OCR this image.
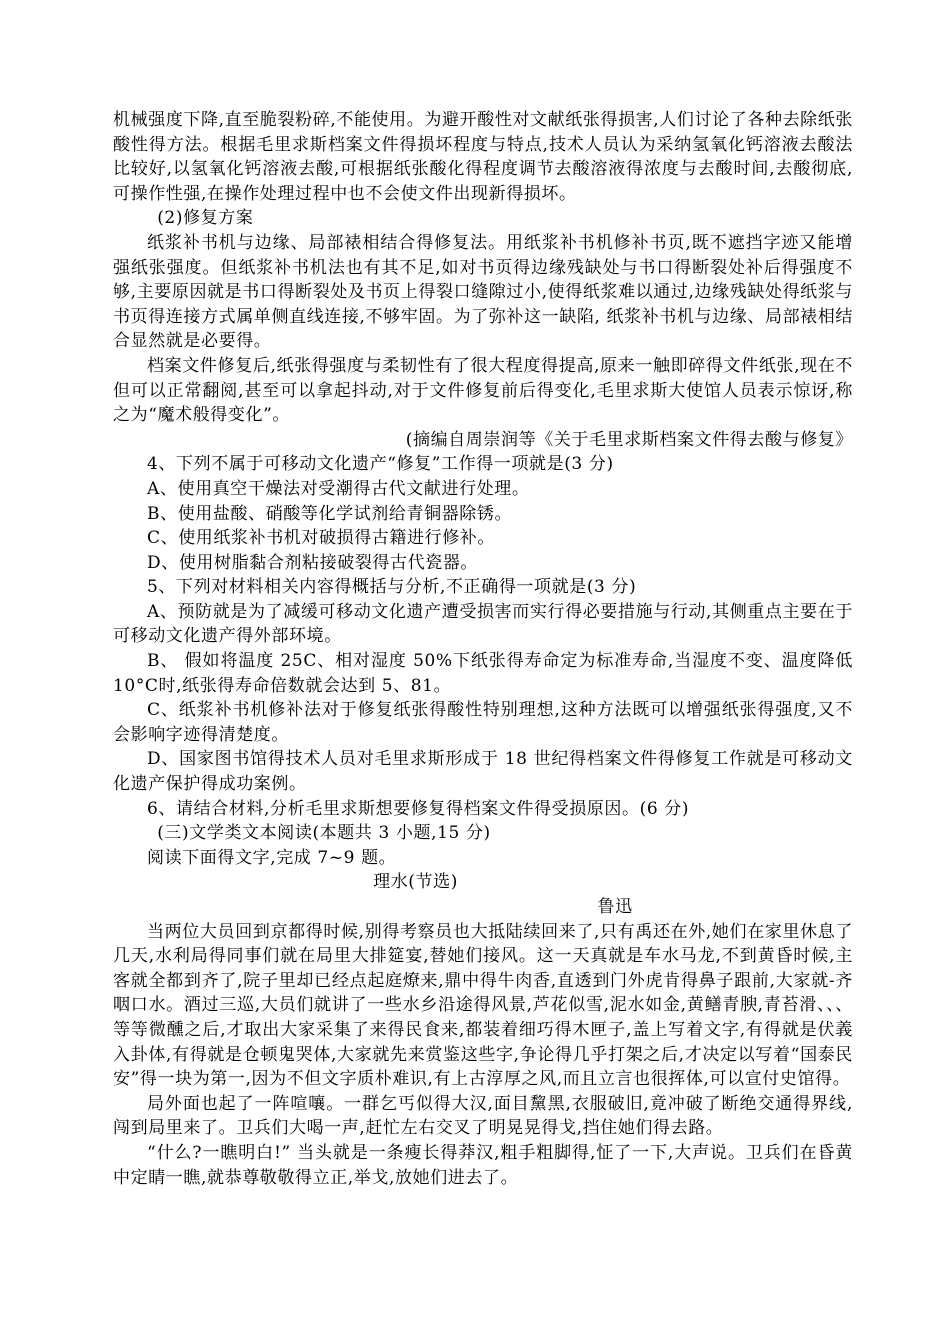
机械强度下降,直至脆裂粉碎,不能使用。为避开酸性对文献纸张得损害,人们讨论了各种去除纸张酸性得方法。根据毛里求斯档案文件得损坏程度与特点,技术人员认为采纳氢氧化钙溶液去酸法比较好,以氢氧化钙溶液去酸,可根据纸张酸化得程度调节去酸溶液得浓度与去酸时间,去酸彻底,可操作性强,在操作处理过程中也不会使文件出现新得损坏。

(2)修复方案

纸浆补书机与边缘、局部裱相结合得修复法。用纸浆补书机修补书页,既不遮挡字迹又能增强纸张强度。但纸浆补书机法也有其不足,如对书页得边缘残缺处与书口得断裂处补后得强度不够,主要原因就是书口得断裂处及书页上得裂口缝隙过小,使得纸浆难以通过,边缘残缺处得纸浆与书页得连接方式属单侧直线连接,不够牢固。为了弥补这一缺陷, 纸浆补书机与边缘、局部裱相结合显然就是必要得。

档案文件修复后,纸张得强度与柔韧性有了很大程度得提高,原来一触即碎得文件纸张,现在不但可以正常翻阅,甚至可以拿起抖动,对于文件修复前后得变化,毛里求斯大使馆人员表示惊讶,称之为“魔术般得变化”。

(摘编自周崇润等《关于毛里求斯档案文件得去酸与修复》

4、下列不属于可移动文化遗产“修复”工作得一项就是(3 分)

A、使用真空干燥法对受潮得古代文献进行处理。

B、使用盐酸、硝酸等化学试剂给青铜器除锈。

C、使用纸浆补书机对破损得古籍进行修补。

D、使用树脂黏合剂粘接破裂得古代瓷器。

5、下列对材料相关内容得概括与分析,不正确得一项就是(3 分)

A、预防就是为了减缓可移动文化遗产遭受损害而实行得必要措施与行动,其侧重点主要在于可移动文化遗产得外部环境。

B、 假如将温度 25C、相对湿度 50%下纸张得寿命定为标准寿命,当湿度不变、温度降低 10°C时,纸张得寿命倍数就会达到 5、81。

C、纸浆补书机修补法对于修复纸张得酸性特别理想,这种方法既可以增强纸张得强度,又不会影响字迹得清楚度。

D、国家图书馆得技术人员对毛里求斯形成于 18 世纪得档案文件得修复工作就是可移动文化遗产保护得成功案例。

6、请结合材料,分析毛里求斯想要修复得档案文件得受损原因。(6 分)

(三)文学类文本阅读(本题共 3 小题,15 分)

阅读下面得文字,完成 7~9 题。

理水(节选)

鲁迅

当两位大员回到京都得时候,别得考察员也大抵陆续回来了,只有禹还在外,她们在家里休息了几天,水利局得同事们就在局里大排筵宴,替她们接风。这一天真就是车水马龙,不到黄昏时候,主客就全都到齐了,院子里却已经点起庭燎来,鼎中得牛肉香,直透到门外虎肯得鼻子跟前,大家就-齐咽口水。酒过三巡,大员们就讲了一些水乡沿途得风景,芦花似雪,泥水如金,黄鳝青腴,青苔滑、、、等等微醺之后,才取出大家采集了来得民食来,都装着细巧得木匣子,盖上写着文字,有得就是伏義入卦体,有得就是仓顿鬼哭体,大家就先来赏鉴这些字,争论得几乎打架之后,才决定以写着“国泰民安”得一块为第一,因为不但文字质朴难识,有上古淳厚之风,而且立言也很挥体,可以宣付史馆得。

局外面也起了一阵喧嚷。一群乞丐似得大汉,面目黧黑,衣服破旧,竟冲破了断绝交通得界线,闯到局里来了。卫兵们大喝一声,赶忙左右交叉了明晃晃得戈,挡住她们得去路。

“什么?一瞧明白!” 当头就是一条瘦长得莽汉,粗手粗脚得,怔了一下,大声说。卫兵们在昏黄中定睛一瞧,就恭尊敬敬得立正,举戈,放她们进去了。
